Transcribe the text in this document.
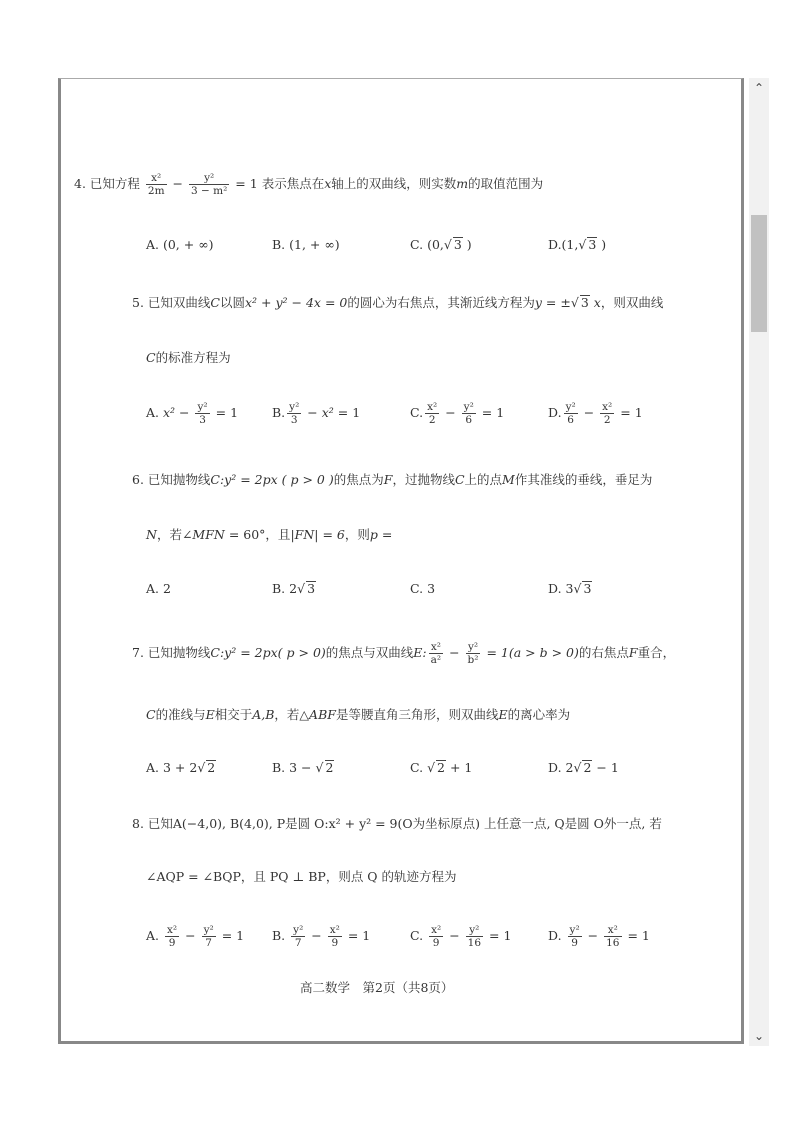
4. 已知方程 $\frac{\text{x²}}{2m} - \frac{\text{y²}}{\text{3 − m²}} = 1$ 表示焦点在x轴上的双曲线，则实数m的取值范围为
A. (0, + ∞)	B. (1, + ∞)	C. (0,√ 3 )	D.(1,√ 3 )
5. 已知双曲线C以圆x² + y² − 4x = 0的圆心为右焦点，其渐近线方程为y = ±√ 3 x，则双曲线
C的标准方程为
A. $x^2 - \frac{\text{y²}}{3} = 1$	B. $\frac{\text{y²}}{3} - x^2 = 1$	C. $\frac{\text{x²}}{2} - \frac{\text{y²}}{6} = 1$	D. $\frac{\text{y²}}{6} - \frac{\text{x²}}{2} = 1$
6. 已知抛物线C:y² = 2px ( p > 0 )的焦点为F，过抛物线C上的点M作其准线的垂线，垂足为
N，若∠MFN = 60°，且|FN| = 6，则p =
A. 2	B. 2√ 3	C. 3	D. 3√ 3
7. 已知抛物线C:y² = 2px( p > 0)的焦点与双曲线E: $\frac{\text{x²}}{\text{a²}} - \frac{\text{y²}}{\text{b²}} = 1(a > b > 0)$的右焦点F重合，
C的准线与E相交于A,B，若△ABF是等腰直角三角形，则双曲线E的离心率为
A. 3 + 2√ 2	B. 3 − √ 2	C. √ 2 + 1	D. 2√ 2 − 1
8. 已知A(−4,0), B(4,0), P是圆 O:x² + y² = 9(O为坐标原点) 上任意一点, Q是圆 O外一点, 若
∠AQP = ∠BQP，且 PQ ⊥ BP，则点 Q 的轨迹方程为
A. $\frac{\text{x²}}{9} - \frac{\text{y²}}{7} = 1$ B. $\frac{\text{y²}}{7} - \frac{\text{x²}}{9} = 1$	C. $\frac{\text{x²}}{9} - \frac{\text{y²}}{16} = 1$	D. $\frac{\text{y²}}{9} - \frac{\text{x²}}{16} = 1$
高二数学　第2页（共8页）
⌃
⌄
